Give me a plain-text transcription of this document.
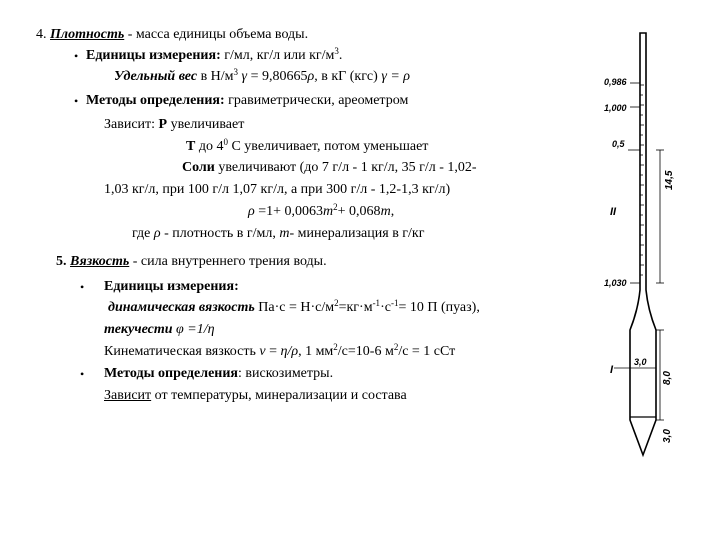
4. Плотность - масса единицы объема воды.
• Единицы измерения: г/мл, кг/л или $кг/м^3$.
Удельный вес в $Н/м^3$ γ = 9,80665ρ, в кГ (кгс) γ = ρ
• Методы определения: гравиметрически, ареометром
Зависит: Р увеличивает
Т до $4^0$ С увеличивает, потом уменьшает
Соли увеличивают (до 7 г/л - 1 кг/л, 35 г/л - 1,02-
1,03 кг/л, при 100 г/л 1,07 кг/л, а при 300 г/л - 1,2-1,3 кг/л)
$\rho =1+ 0,0063m^2+ 0,068m$,
где ρ - плотность в г/мл, m- минерализация в г/кг
5. Вязкость - сила внутреннего трения воды.
• Единицы измерения:
динамическая вязкость $Па\cdot с = Н\cdot с/м^2=кг\cdot м^{-1}\cdot с^{-1}= 10$ П (пуаз),
текучести φ =1/η
Кинематическая вязкость ν = η/ρ, 1 $мм^2/с=10-6$ $м^2/с = 1$ сСт
• Методы определения: вискозиметры.
Зависит от температуры, минерализации и состава
0,986
1,000
0,5
14,5
II
1,030
3,0
8,0
I
3,0
